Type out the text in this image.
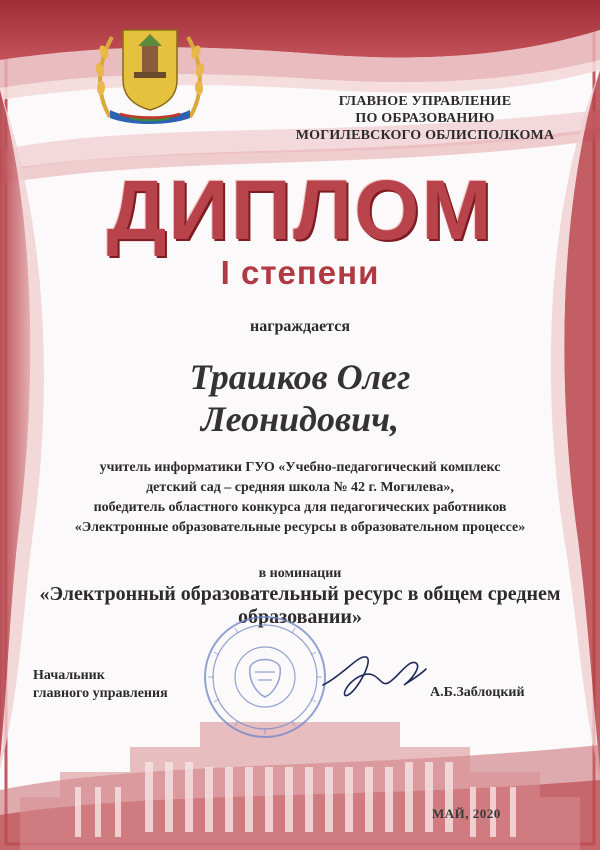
ГЛАВНОЕ УПРАВЛЕНИЕ
ПО ОБРАЗОВАНИЮ
МОГИЛЕВСКОГО ОБЛИСПОЛКОМА
ДИПЛОМ
I степени
награждается
Трашков Олег
Леонидович,
учитель информатики ГУО «Учебно-педагогический комплекс
детский сад – средняя школа № 42 г. Могилева»,
победитель областного конкурса для педагогических работников
«Электронные образовательные ресурсы в образовательном процессе»
в номинации
«Электронный образовательный ресурс в общем среднем
образовании»
Начальник
главного управления	А.Б.Заблоцкий
МАЙ, 2020
